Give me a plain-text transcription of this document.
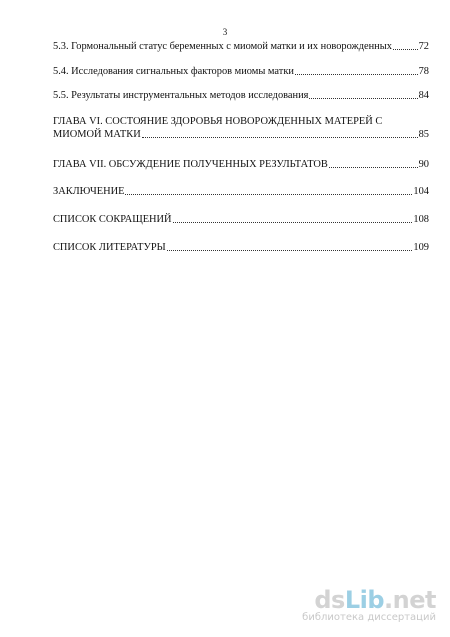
3
5.3. Гормональный статус беременных с миомой матки и их новорожденных	72
5.4. Исследования сигнальных факторов миомы матки	78
5.5. Результаты инструментальных методов исследования	84
ГЛАВА VI. СОСТОЯНИЕ ЗДОРОВЬЯ НОВОРОЖДЕННЫХ МАТЕРЕЙ С
МИОМОЙ МАТКИ	85
ГЛАВА VII. ОБСУЖДЕНИЕ ПОЛУЧЕННЫХ РЕЗУЛЬТАТОВ	90
ЗАКЛЮЧЕНИЕ	104
СПИСОК СОКРАЩЕНИЙ	108
СПИСОК ЛИТЕРАТУРЫ	109
ds Lib .net
библиотека диссертаций
